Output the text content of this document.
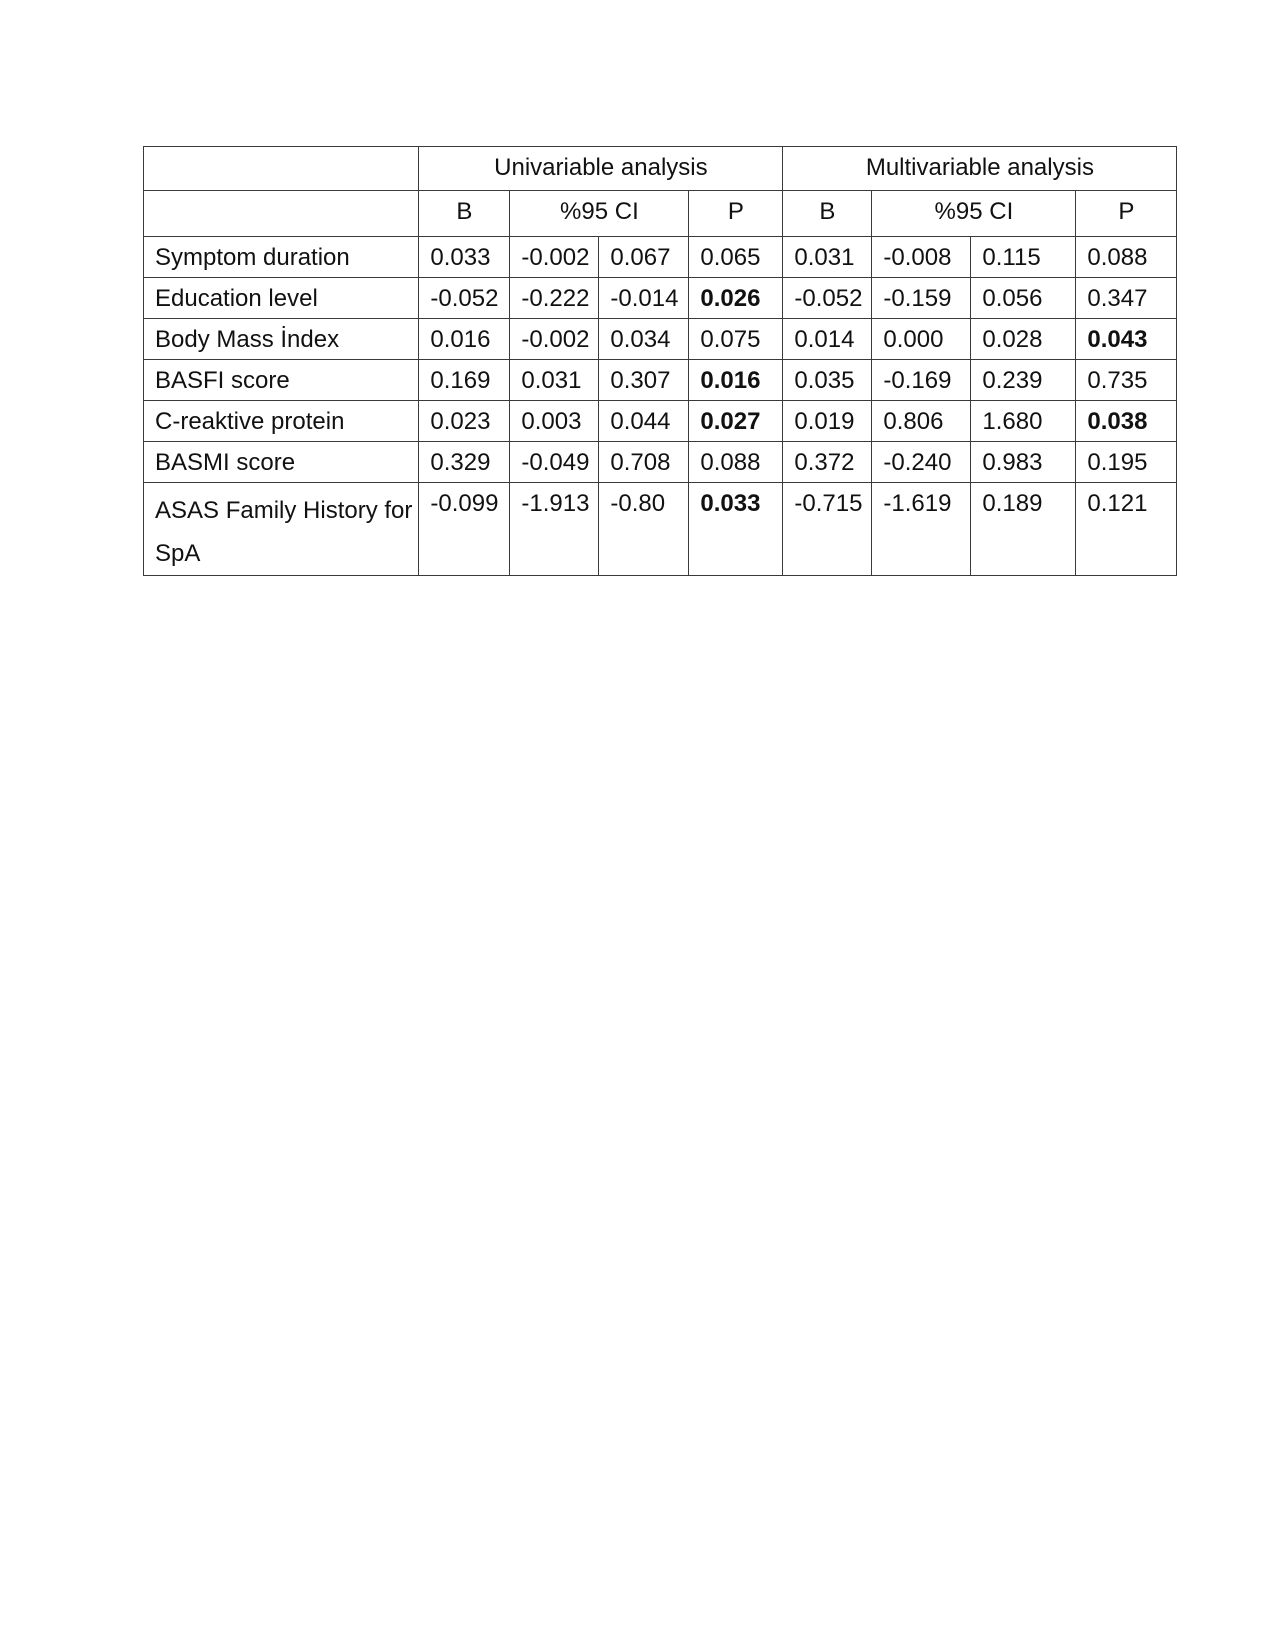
	Univariable analysis				Multivariable analysis			
	B	%95 CI		P	B	%95 CI		P
Symptom duration	0.033	-0.002	0.067	0.065	0.031	-0.008	0.115	0.088
Education level	-0.052	-0.222	-0.014	0.026	-0.052	-0.159	0.056	0.347
Body Mass İndex	0.016	-0.002	0.034	0.075	0.014	0.000	0.028	0.043
BASFI score	0.169	0.031	0.307	0.016	0.035	-0.169	0.239	0.735
C-reaktive protein	0.023	0.003	0.044	0.027	0.019	0.806	1.680	0.038
BASMI score	0.329	-0.049	0.708	0.088	0.372	-0.240	0.983	0.195

ASAS Family History for
SpA	-0.099	-1.913	-0.80	0.033	-0.715	-1.619	0.189	0.121
